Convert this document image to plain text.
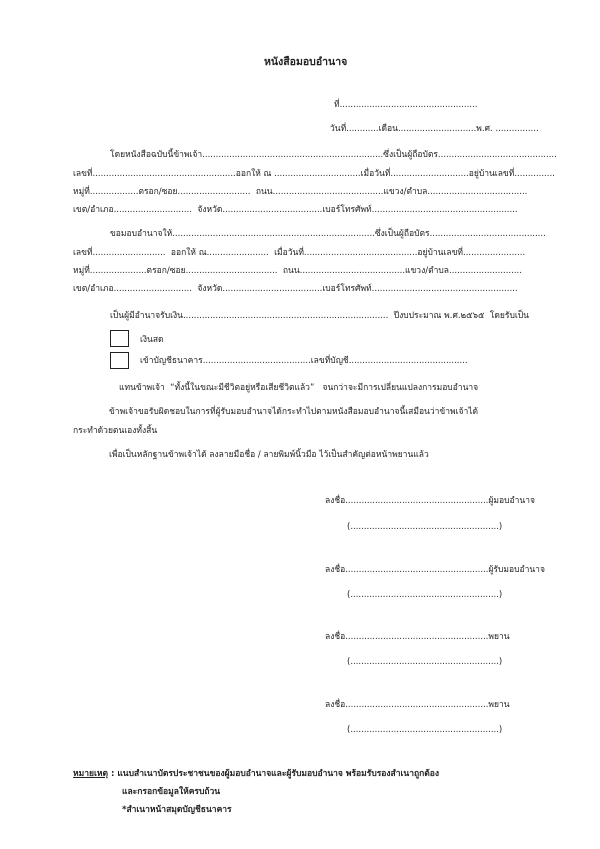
หนังสือมอบอำนาจ
ที่...................................................
วันที่............เดือน.............................พ.ศ. ................
โดยหนังสือฉบับนี้ข้าพเจ้า...................................................................ซึ่งเป็นผู้ถือบัตร............................................
เลขที่.....................................................ออกให้ ณ ................................เมื่อวันที่.............................อยู่บ้านเลขที่...............
หมู่ที่..................ตรอก/ซอย...........................  ถนน.........................................แขวง/ตำบล.....................................
เขต/อำเภอ.............................  จังหวัด.....................................เบอร์โทรศัพท์......................................................
ขอมอบอำนาจให้...........................................................................ซึ่งเป็นผู้ถือบัตร...........................................
เลขที่...........................  ออกให้ ณ.......................  เมื่อวันที่..........................................อยู่บ้านเลขที่.......................
หมู่ที่.....................ตรอก/ซอย..................................  ถนน.......................................แขวง/ตำบล...........................
เขต/อำเภอ.............................  จังหวัด.....................................เบอร์โทรศัพท์......................................................
เป็นผู้มีอำนาจรับเงิน............................................................................  ปีงบประมาณ พ.ศ.๒๕๖๕  โดยรับเป็น
เงินสด
เข้าบัญชีธนาคาร........................................เลขที่บัญชี............................................
แทนข้าพเจ้า  “ทั้งนี้ในขณะมีชีวิตอยู่หรือเสียชีวิตแล้ว”   จนกว่าจะมีการเปลี่ยนแปลงการมอบอำนาจ
ข้าพเจ้าขอรับผิดชอบในการที่ผู้รับมอบอำนาจได้กระทำไปตามหนังสือมอบอำนาจนี้เสมือนว่าข้าพเจ้าได้
กระทำด้วยตนเองทั้งสิ้น
เพื่อเป็นหลักฐานข้าพเจ้าได้ ลงลายมือชื่อ / ลายพิมพ์นิ้วมือ ไว้เป็นสำคัญต่อหน้าพยานแล้ว
ลงชื่อ.....................................................ผู้มอบอำนาจ
(.......................................................)
ลงชื่อ.....................................................ผู้รับมอบอำนาจ
(.......................................................)
ลงชื่อ.....................................................พยาน
(.......................................................)
ลงชื่อ.....................................................พยาน
(.......................................................)
หมายเหตุ : แนบสำเนาบัตรประชาชนของผู้มอบอำนาจและผู้รับมอบอำนาจ พร้อมรับรองสำเนาถูกต้อง
และกรอกข้อมูลให้ครบถ้วน
*สำเนาหน้าสมุดบัญชีธนาคาร
